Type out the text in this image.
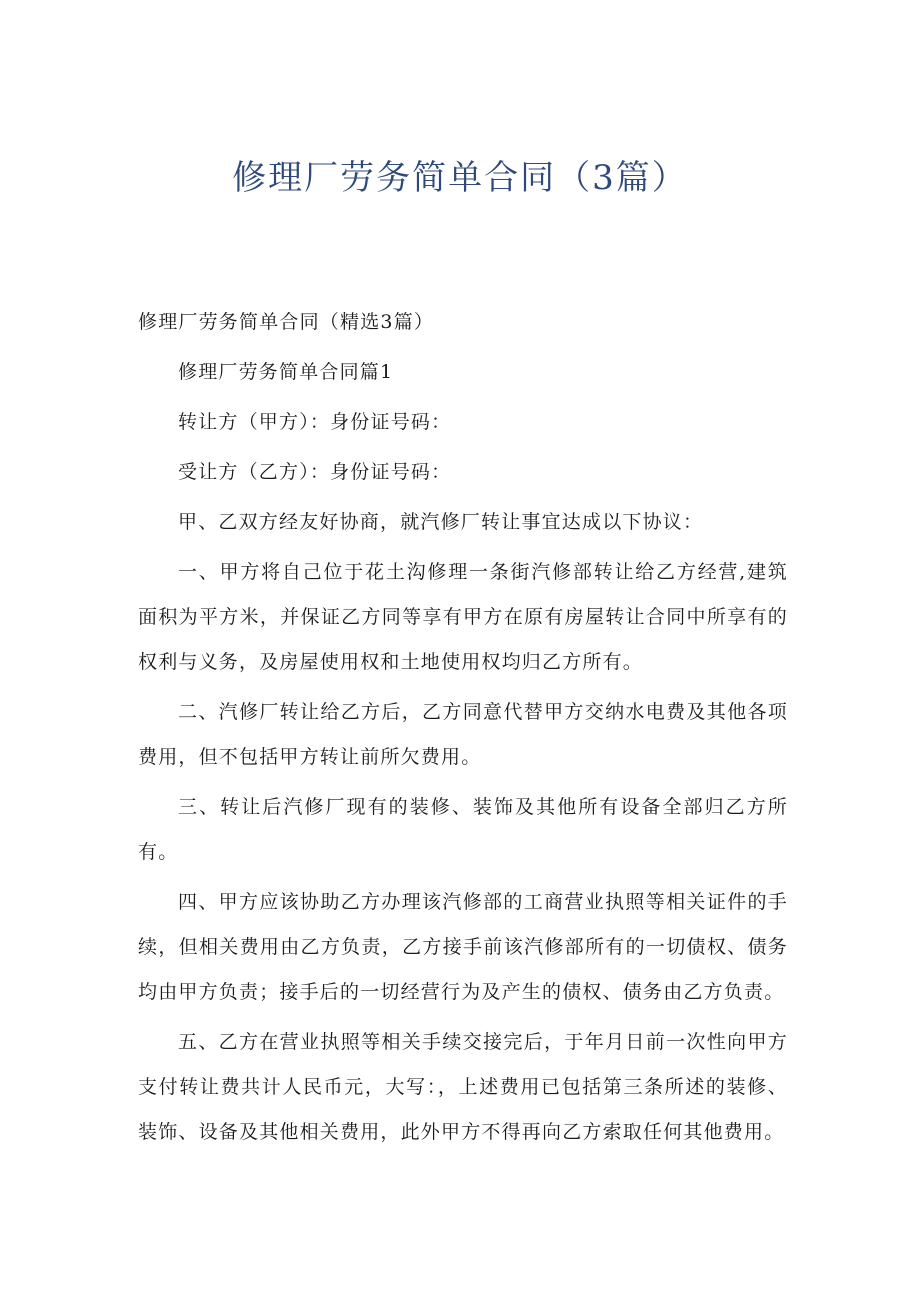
修理厂劳务简单合同（3篇）

修理厂劳务简单合同（精选3篇）

修理厂劳务简单合同篇1

转让方（甲方）：身份证号码：

受让方（乙方）：身份证号码：

甲、乙双方经友好协商，就汽修厂转让事宜达成以下协议：

一、甲方将自己位于花土沟修理一条街汽修部转让给乙方经营,建筑面积为平方米，并保证乙方同等享有甲方在原有房屋转让合同中所享有的权利与义务，及房屋使用权和土地使用权均归乙方所有。

二、汽修厂转让给乙方后，乙方同意代替甲方交纳水电费及其他各项费用，但不包括甲方转让前所欠费用。

三、转让后汽修厂现有的装修、装饰及其他所有设备全部归乙方所有。

四、甲方应该协助乙方办理该汽修部的工商营业执照等相关证件的手续，但相关费用由乙方负责，乙方接手前该汽修部所有的一切债权、债务均由甲方负责；接手后的一切经营行为及产生的债权、债务由乙方负责。

五、乙方在营业执照等相关手续交接完后，于年月日前一次性向甲方支付转让费共计人民币元，大写：，上述费用已包括第三条所述的装修、装饰、设备及其他相关费用，此外甲方不得再向乙方索取任何其他费用。
